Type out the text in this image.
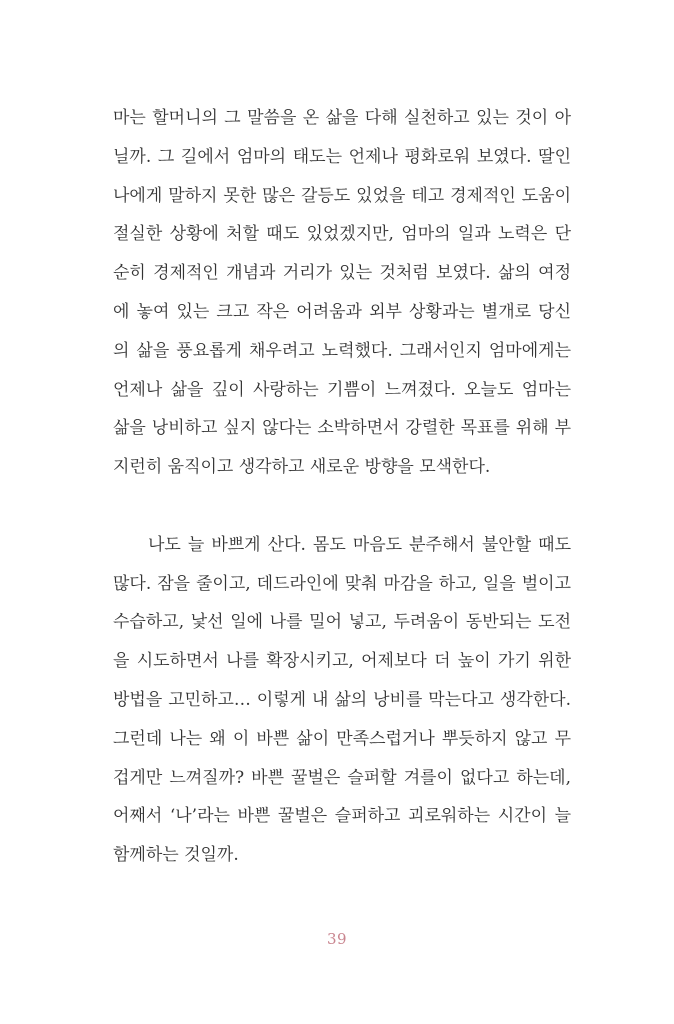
마는 할머니의 그 말씀을 온 삶을 다해 실천하고 있는 것이 아
닐까. 그 길에서 엄마의 태도는 언제나 평화로워 보였다. 딸인
나에게 말하지 못한 많은 갈등도 있었을 테고 경제적인 도움이
절실한 상황에 처할 때도 있었겠지만, 엄마의 일과 노력은 단
순히 경제적인 개념과 거리가 있는 것처럼 보였다. 삶의 여정
에 놓여 있는 크고 작은 어려움과 외부 상황과는 별개로 당신
의 삶을 풍요롭게 채우려고 노력했다. 그래서인지 엄마에게는
언제나 삶을 깊이 사랑하는 기쁨이 느껴졌다. 오늘도 엄마는
삶을 낭비하고 싶지 않다는 소박하면서 강렬한 목표를 위해 부
지런히 움직이고 생각하고 새로운 방향을 모색한다.

나도 늘 바쁘게 산다. 몸도 마음도 분주해서 불안할 때도
많다. 잠을 줄이고, 데드라인에 맞춰 마감을 하고, 일을 벌이고
수습하고, 낯선 일에 나를 밀어 넣고, 두려움이 동반되는 도전
을 시도하면서 나를 확장시키고, 어제보다 더 높이 가기 위한
방법을 고민하고… 이렇게 내 삶의 낭비를 막는다고 생각한다.
그런데 나는 왜 이 바쁜 삶이 만족스럽거나 뿌듯하지 않고 무
겁게만 느껴질까? 바쁜 꿀벌은 슬퍼할 겨를이 없다고 하는데,
어째서 ‘나’라는 바쁜 꿀벌은 슬퍼하고 괴로워하는 시간이 늘
함께하는 것일까.

39
